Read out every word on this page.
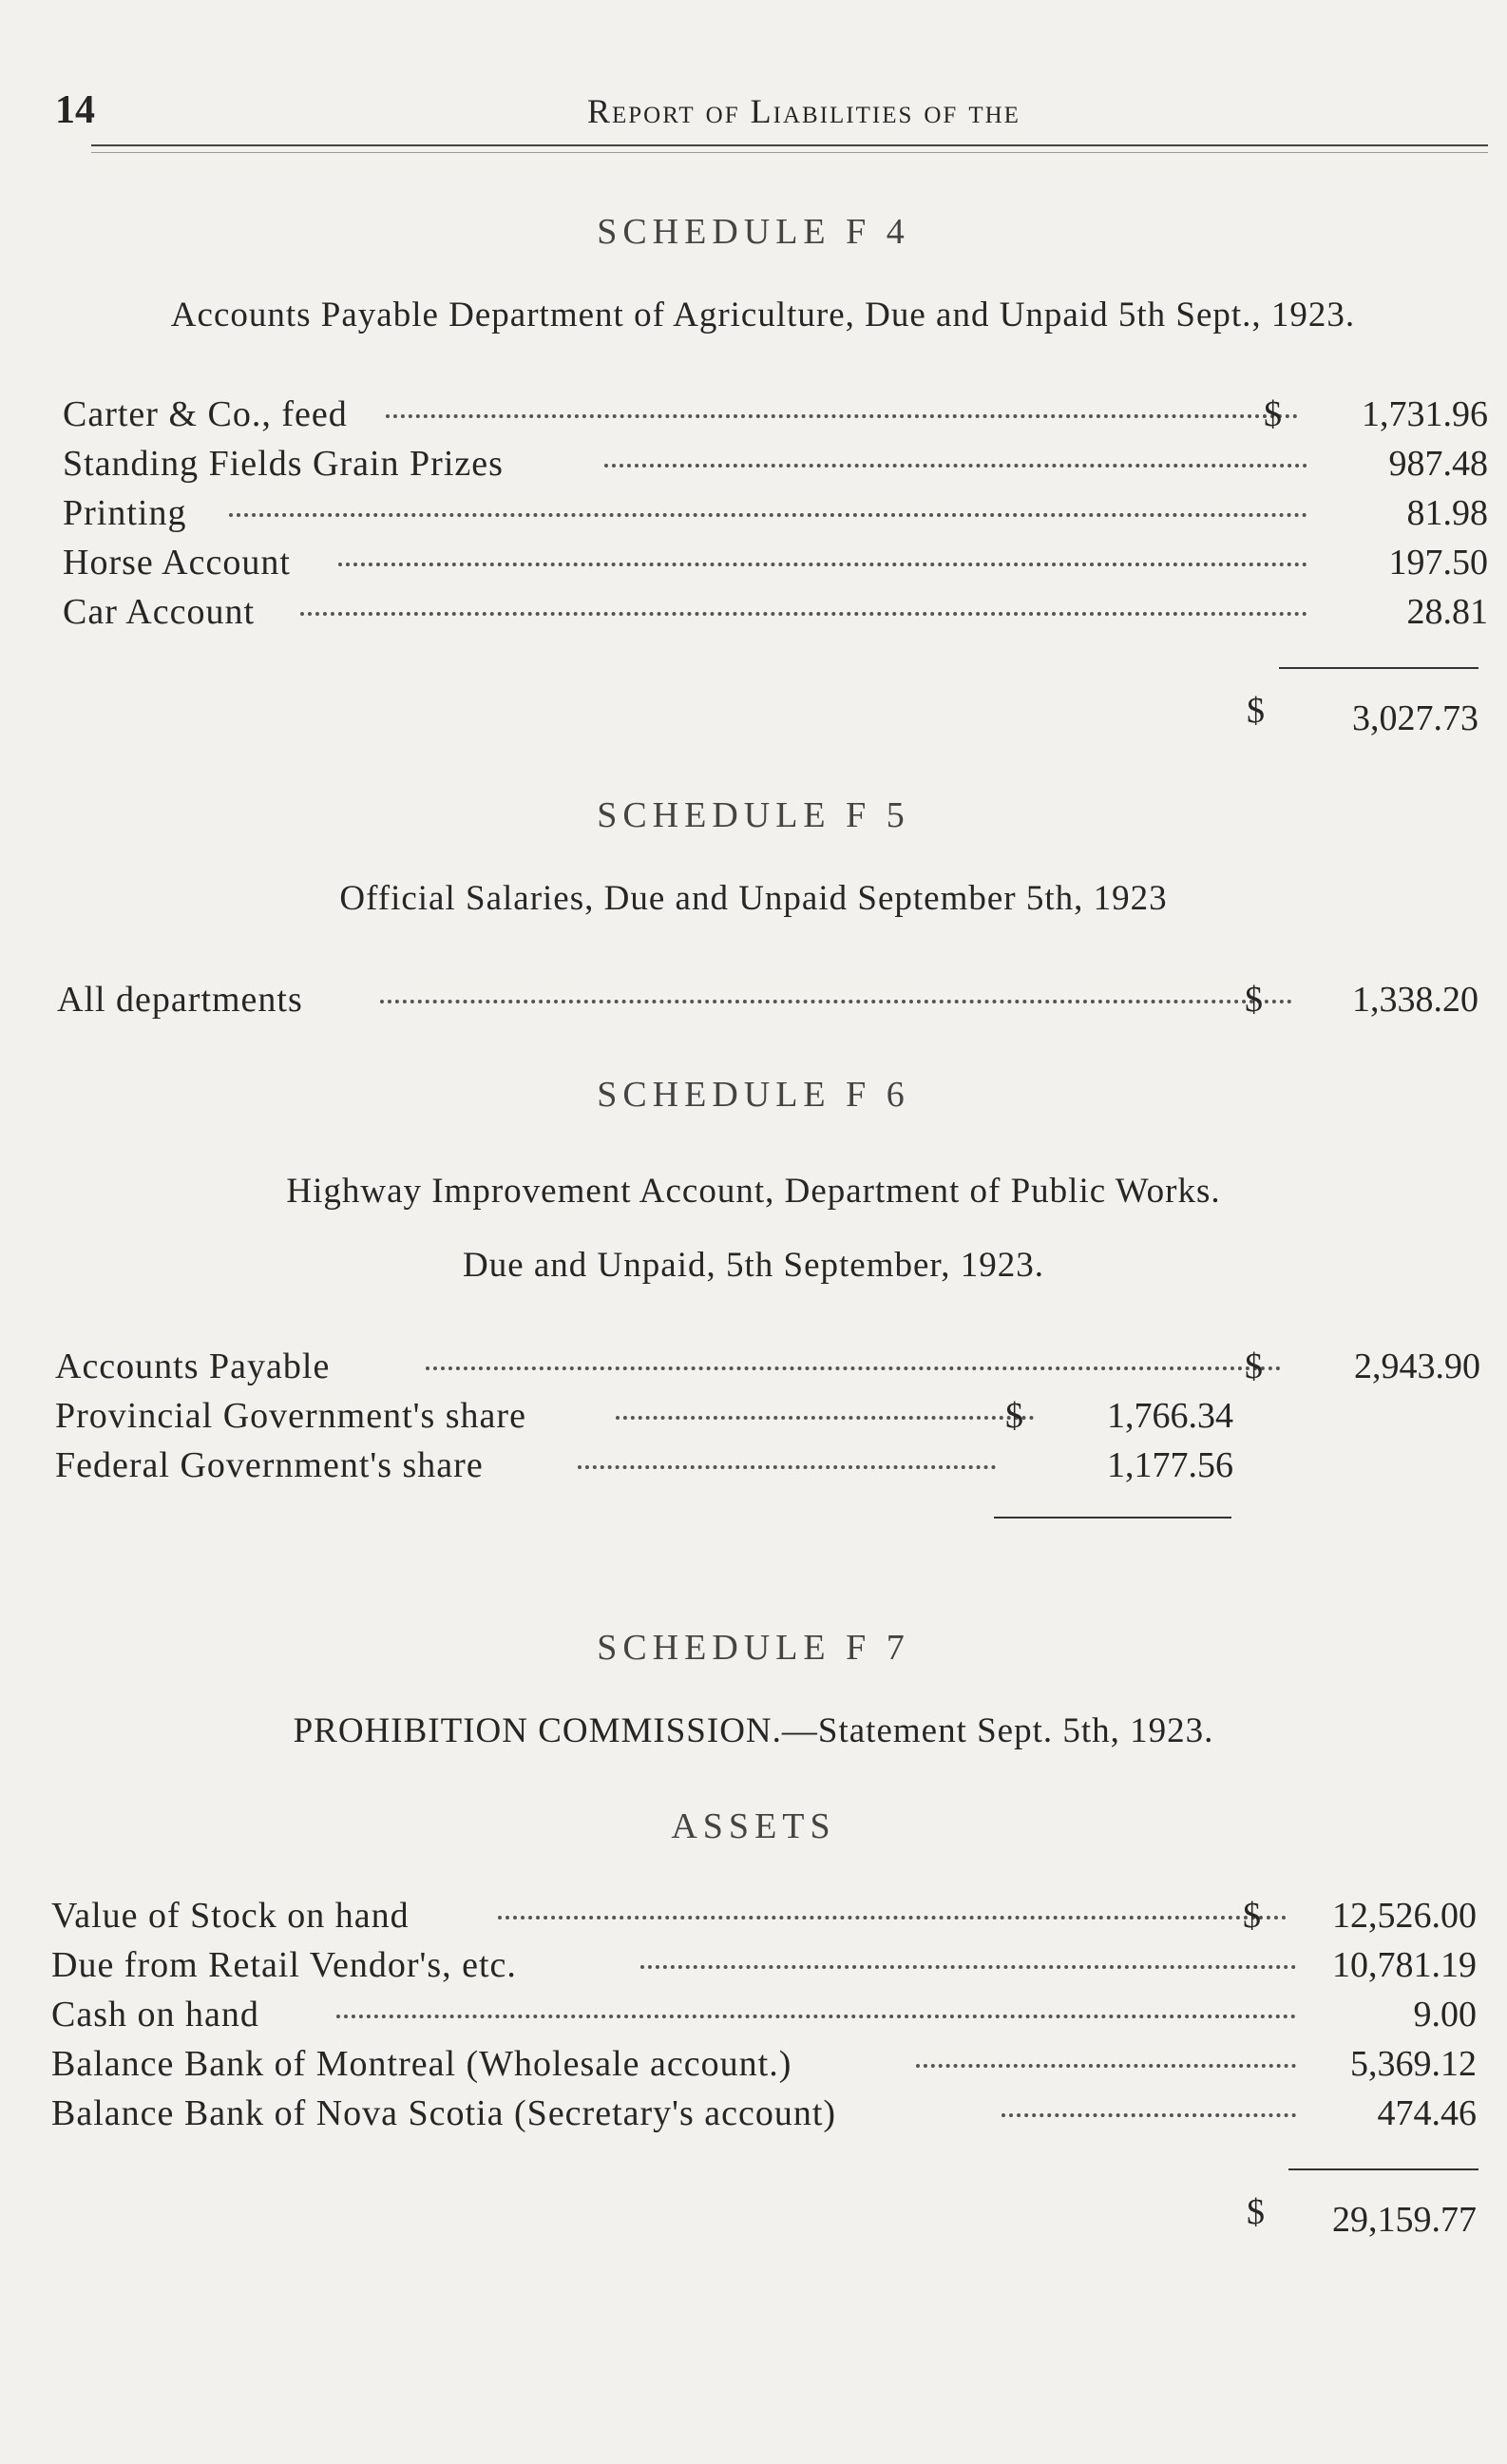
14	Report of Liabilities of the
SCHEDULE F 4
Accounts Payable Department of Agriculture, Due and Unpaid 5th Sept., 1923.
Carter & Co., feed	$	1,731.96
Standing Fields Grain Prizes	987.48
Printing	81.98
Horse Account	197.50
Car Account	28.81
$ 3,027.73
SCHEDULE F 5
Official Salaries, Due and Unpaid September 5th, 1923
All departments	$	1,338.20
SCHEDULE F 6
Highway Improvement Account, Department of Public Works.
Due and Unpaid, 5th September, 1923.
Accounts Payable	$	2,943.90
Provincial Government's share	$	1,766.34
Federal Government's share	1,177.56
SCHEDULE F 7
PROHIBITION COMMISSION.—Statement Sept. 5th, 1923.
ASSETS
Value of Stock on hand	$	12,526.00
Due from Retail Vendor's, etc.	10,781.19
Cash on hand	9.00
Balance Bank of Montreal (Wholesale account.)	5,369.12
Balance Bank of Nova Scotia (Secretary's account)	474.46
$ 29,159.77
